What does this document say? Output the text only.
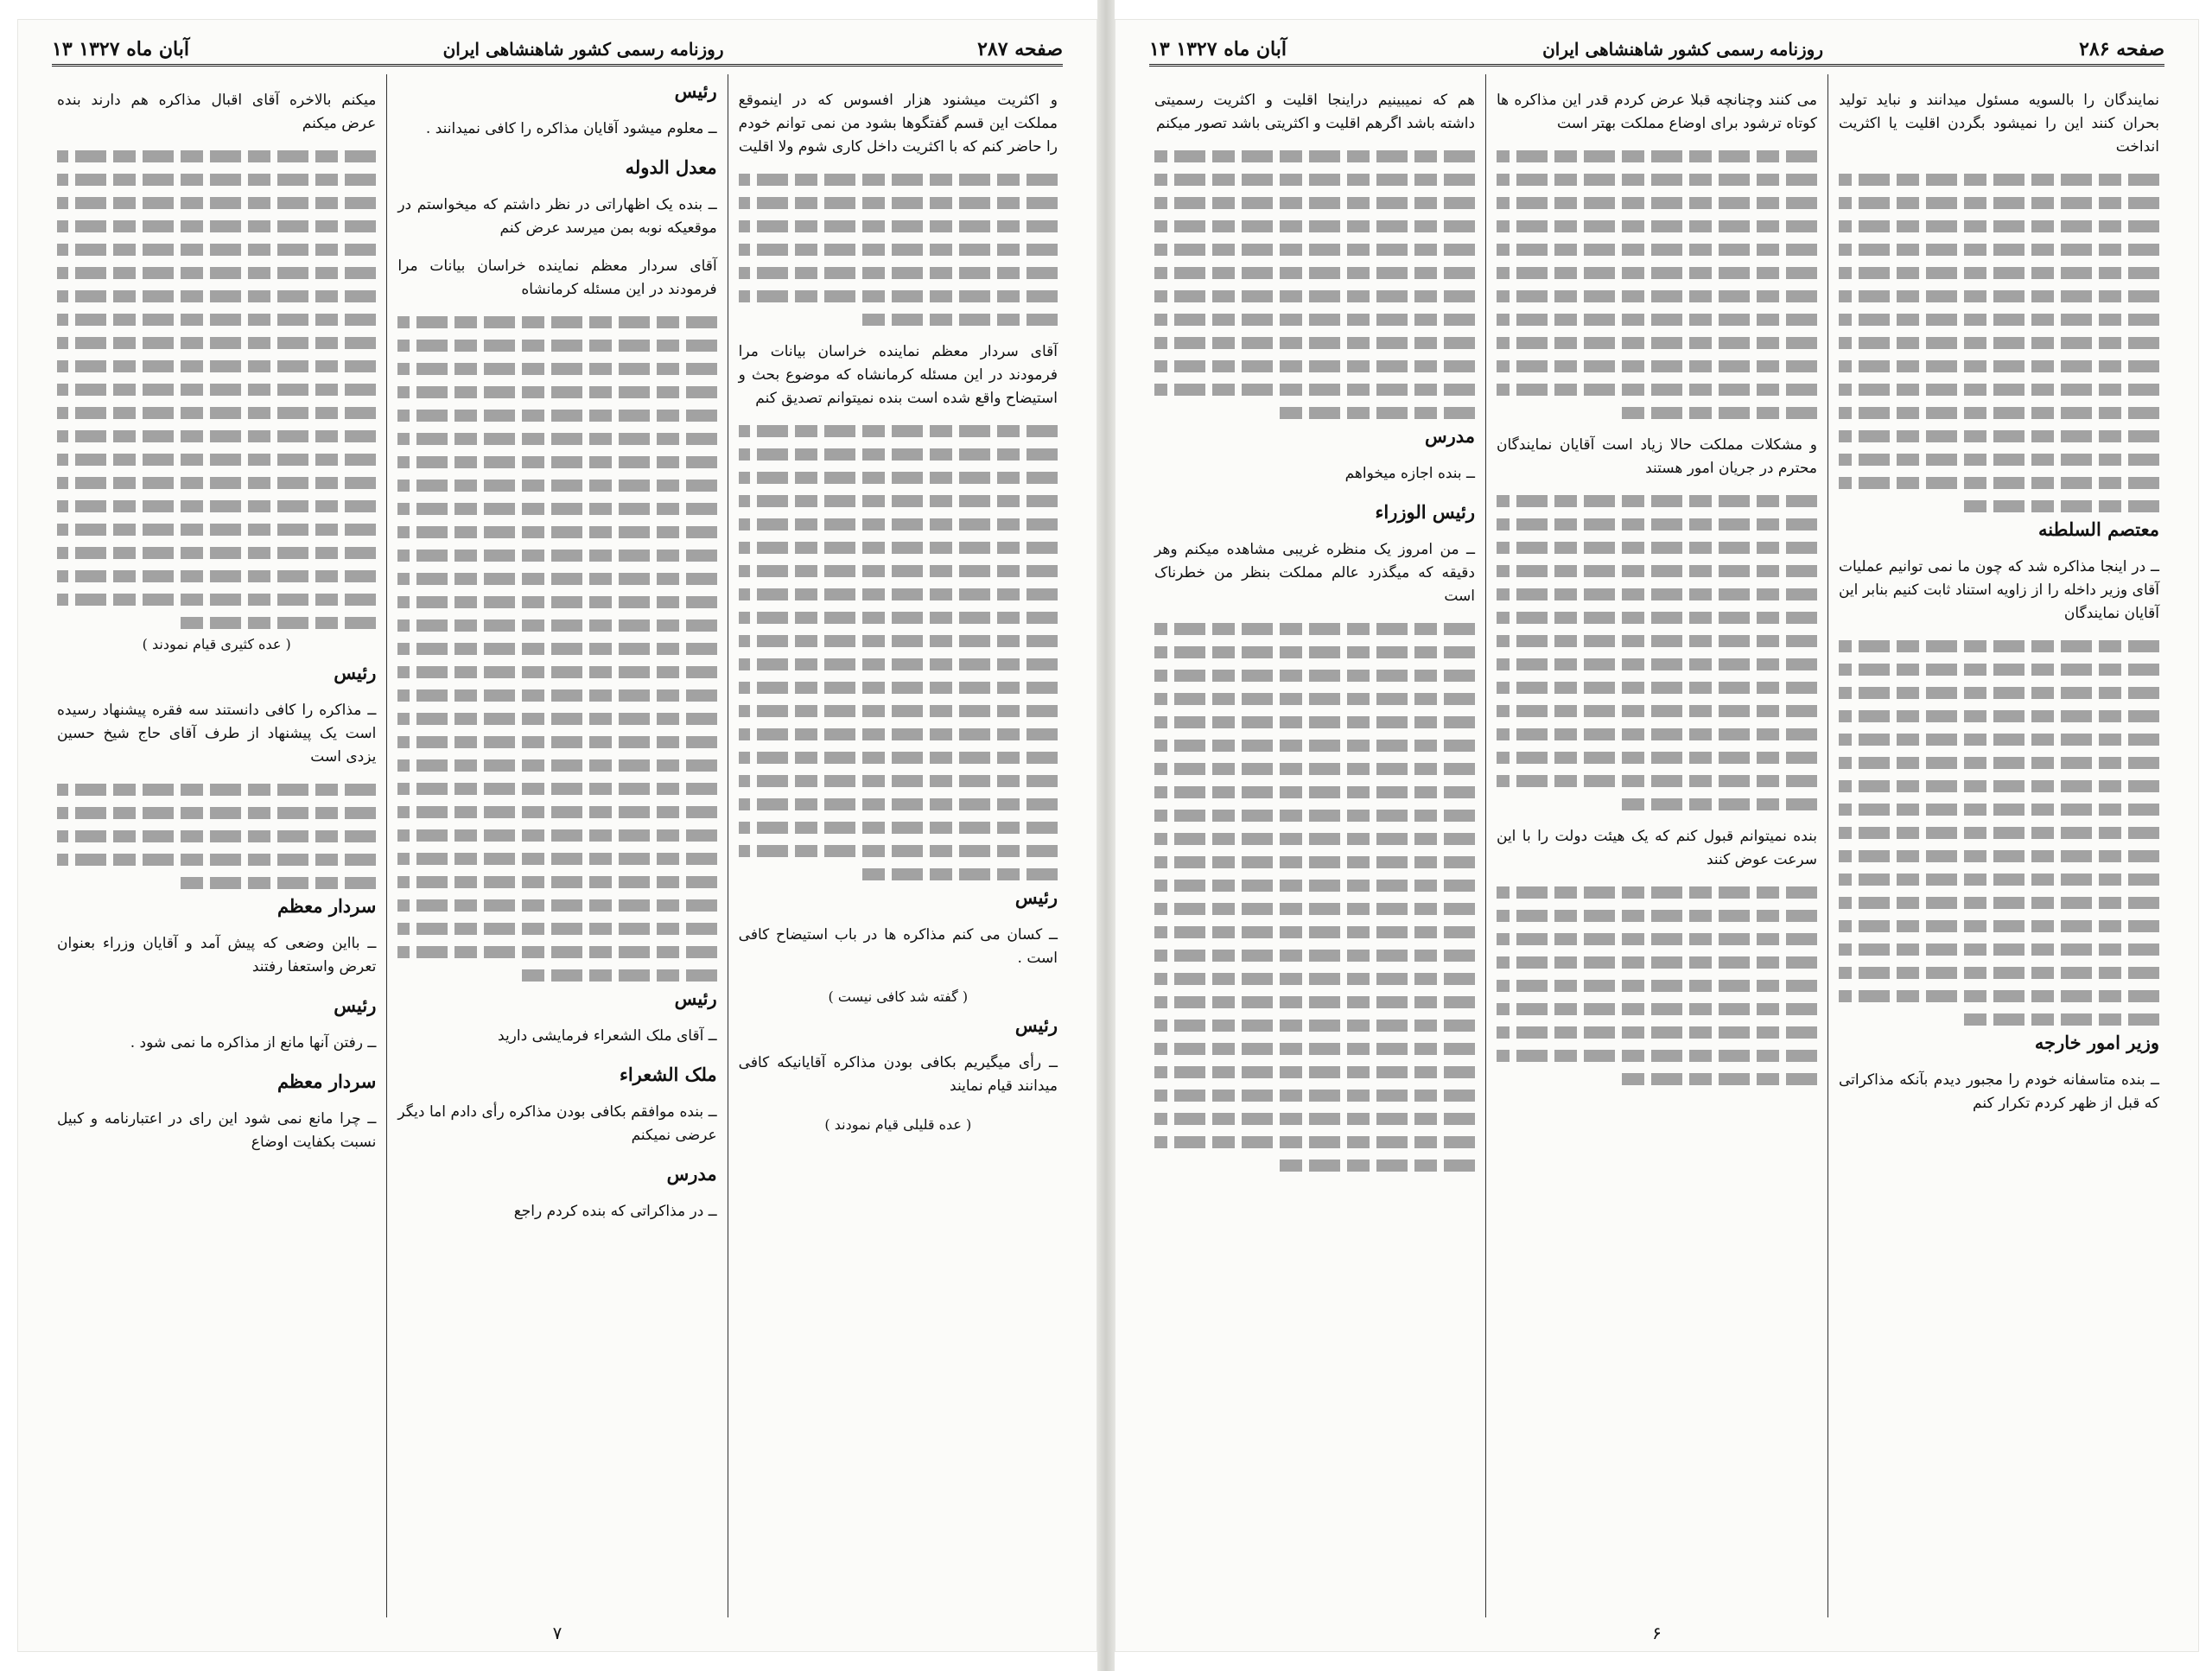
۱۳ آبان ماه ۱۳۲۷	روزنامه رسمی کشور شاهنشاهی ایران	صفحه ۲۸۷

و اکثریت میشنود هزار افسوس که در اینموقع مملکت این قسم گفتگوها بشود من نمی توانم خودم را حاضر کنم که با اکثریت داخل کاری شوم ولا اقلیت

آقای سردار معظم نماینده خراسان بیانات مرا فرمودند در این مسئله کرمانشاه که موضوع بحث و استیضاح واقع شده است بنده نمیتوانم تصدیق کنم

رئیس

ــ کسان می کنم مذاکره ها در باب استیضاح کافی است .

( گفته شد کافی نیست )
رئیس

ــ رأی میگیریم بکافی بودن مذاکره آقایانیکه کافی میدانند قیام نمایند

( عده قلیلی قیام نمودند )
رئیس

ــ معلوم میشود آقایان مذاکره را کافی نمیدانند .

معدل الدوله

ــ بنده یک اظهاراتی در نظر داشتم که میخواستم در موقعیکه نوبه بمن میرسد عرض کنم

آقای سردار معظم نماینده خراسان بیانات مرا فرمودند در این مسئله کرمانشاه

رئیس

ــ آقای ملک الشعراء فرمایشی دارید

ملک الشعراء

ــ بنده موافقم بکافی بودن مذاکره رأی دادم اما دیگر عرضی نمیکنم

مدرس

ــ در مذاکراتی که بنده کردم راجع

میکنم بالاخره آقای اقبال مذاکره هم دارند بنده عرض میکنم

( عده کثیری قیام نمودند )
رئیس

ــ مذاکره را کافی دانستند سه فقره پیشنهاد رسیده است یک پیشنهاد از طرف آقای حاج شیخ حسین یزدی است

سردار معظم

ــ بااین وضعی که پیش آمد و آقایان وزراء بعنوان تعرض واستعفا رفتند

رئیس

ــ رفتن آنها مانع از مذاکره ما نمی شود .

سردار معظم

ــ چرا مانع نمی شود این رای در اعتبارنامه و کبیل نسبت بکفایت اوضاع

۷
۱۳ آبان ماه ۱۳۲۷	روزنامه رسمی کشور شاهنشاهی ایران	صفحه ۲۸۶

نمایندگان را بالسویه مسئول میدانند و نباید تولید بحران کنند این را نمیشود بگردن اقلیت یا اکثریت انداخت

معتصم السلطنه

ــ در اینجا مذاکره شد که چون ما نمی توانیم عملیات آقای وزیر داخله را از زاویه استناد ثابت کنیم بنابر این آقایان نمایندگان

وزیر امور خارجه

ــ بنده متاسفانه خودم را مجبور دیدم بآنکه مذاکراتی که قبل از ظهر کردم تکرار کنم

می کنند وچنانچه قبلا عرض کردم قدر این مذاکره ها کوتاه ترشود برای اوضاع مملکت بهتر است

و مشکلات مملکت حالا زیاد است آقایان نمایندگان محترم در جریان امور هستند

بنده نمیتوانم قبول کنم که یک هیئت دولت را با این سرعت عوض کنند

هم که نمیبینیم دراینجا اقلیت و اکثریت رسمیتی داشته باشد اگرهم اقلیت و اکثریتی باشد تصور میکنم

مدرس

ــ بنده اجازه میخواهم

رئیس الوزراء

ــ من امروز یک منظره غریبی مشاهده میکنم وهر دقیقه که میگذرد عالم مملکت بنظر من خطرناک است

۶
